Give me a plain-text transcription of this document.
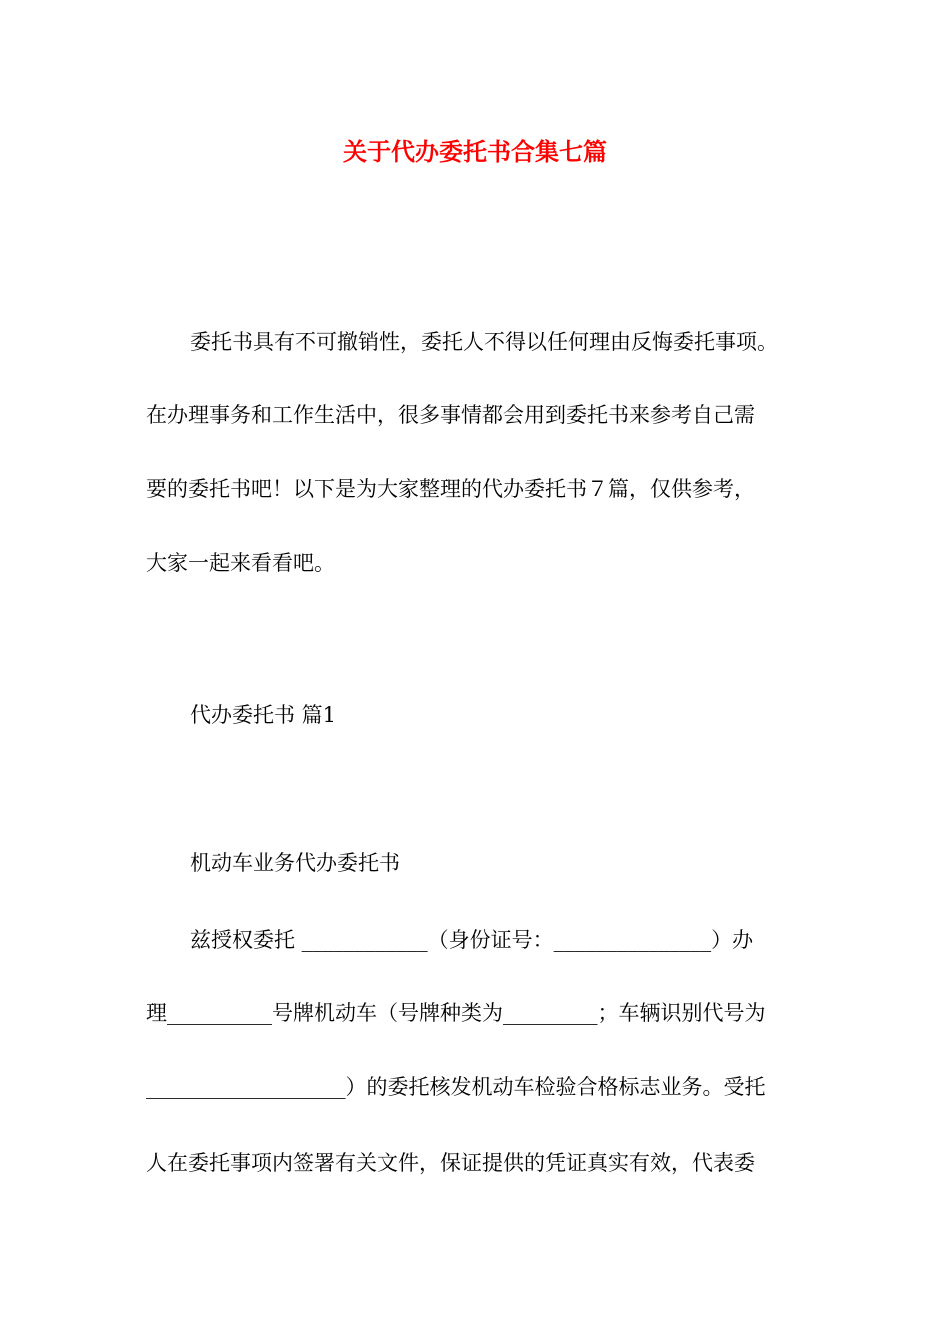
关于代办委托书合集七篇
委托书具有不可撤销性，委托人不得以任何理由反悔委托事项。
在办理事务和工作生活中，很多事情都会用到委托书来参考自己需
要的委托书吧！以下是为大家整理的代办委托书７篇，仅供参考，
大家一起来看看吧。
代办委托书 篇1
机动车业务代办委托书
兹授权委托 ____________（身份证号：_______________）办
理__________号牌机动车（号牌种类为_________；车辆识别代号为
___________________）的委托核发机动车检验合格标志业务。受托
人在委托事项内签署有关文件，保证提供的凭证真实有效，代表委
